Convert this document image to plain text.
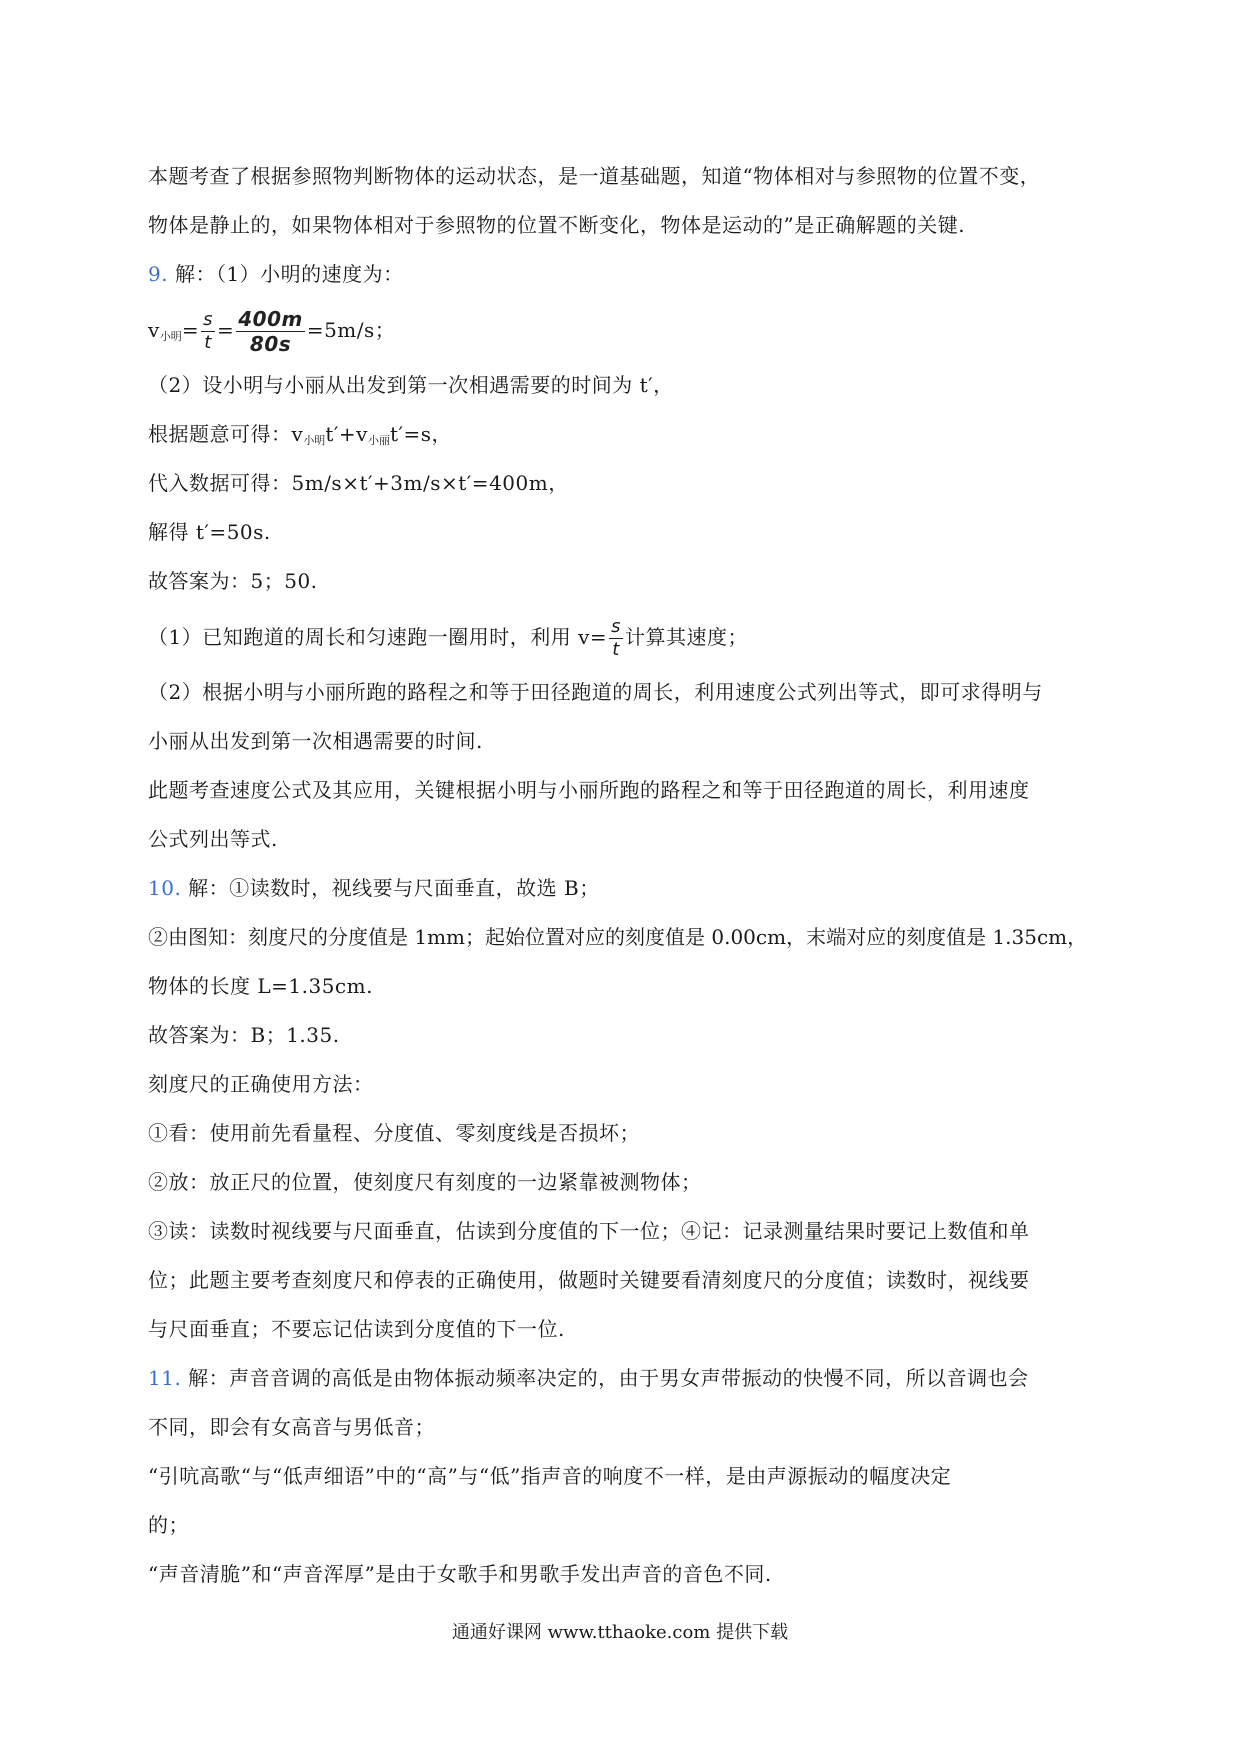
本题考查了根据参照物判断物体的运动状态，是一道基础题，知道“物体相对与参照物的位置不变，
物体是静止的，如果物体相对于参照物的位置不断变化，物体是运动的”是正确解题的关键.
9. 解：（1）小明的速度为：
$v_{小明}= \frac{s}{t} = \frac{400m}{80s} =5m/s$；
（2）设小明与小丽从出发到第一次相遇需要的时间为 t′，
根据题意可得：$v_{小明}t'+v_{小丽}t'=s$，
代入数据可得：5m/s×t′+3m/s×t′=400m，
解得 t′=50s.
故答案为：5；50.
（1）已知跑道的周长和匀速跑一圈用时，利用 $v= \frac{s}{t}$ 计算其速度；
（2）根据小明与小丽所跑的路程之和等于田径跑道的周长，利用速度公式列出等式，即可求得明与
小丽从出发到第一次相遇需要的时间.
此题考查速度公式及其应用，关键根据小明与小丽所跑的路程之和等于田径跑道的周长，利用速度
公式列出等式.
10. 解：①读数时，视线要与尺面垂直，故选 B；
②由图知：刻度尺的分度值是 1mm；起始位置对应的刻度值是 0.00cm，末端对应的刻度值是 1.35cm，
物体的长度 L=1.35cm.
故答案为：B；1.35.
刻度尺的正确使用方法：
①看：使用前先看量程、分度值、零刻度线是否损坏；
②放：放正尺的位置，使刻度尺有刻度的一边紧靠被测物体；
③读：读数时视线要与尺面垂直，估读到分度值的下一位；④记：记录测量结果时要记上数值和单
位；此题主要考查刻度尺和停表的正确使用，做题时关键要看清刻度尺的分度值；读数时，视线要
与尺面垂直；不要忘记估读到分度值的下一位.
11. 解：声音音调的高低是由物体振动频率决定的，由于男女声带振动的快慢不同，所以音调也会
不同，即会有女高音与男低音；
“引吭高歌“与“低声细语”中的“高”与“低”指声音的响度不一样，是由声源振动的幅度决定
的；
“声音清脆”和“声音浑厚”是由于女歌手和男歌手发出声音的音色不同.
通通好课网 www.tthaoke.com 提供下载
